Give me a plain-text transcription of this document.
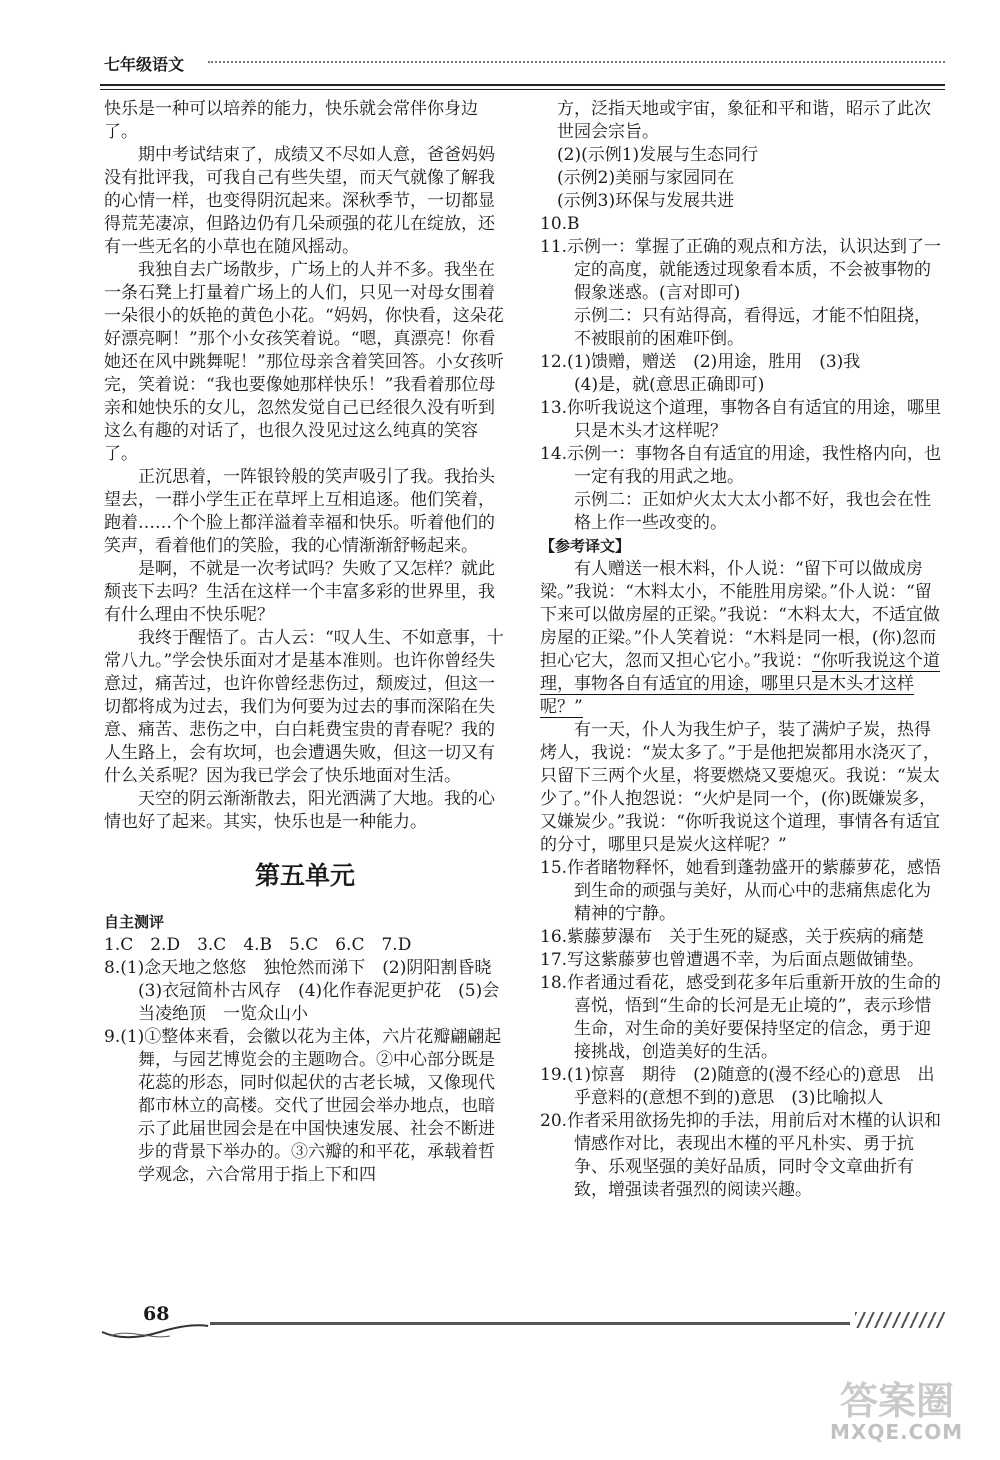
七年级语文

快乐是一种可以培养的能力，快乐就会常伴你身边了。

期中考试结束了，成绩又不尽如人意，爸爸妈妈没有批评我，可我自己有些失望，而天气就像了解我的心情一样，也变得阴沉起来。深秋季节，一切都显得荒芜凄凉，但路边仍有几朵顽强的花儿在绽放，还有一些无名的小草也在随风摇动。

我独自去广场散步，广场上的人并不多。我坐在一条石凳上打量着广场上的人们，只见一对母女围着一朵很小的妖艳的黄色小花。“妈妈，你快看，这朵花好漂亮啊！”那个小女孩笑着说。“嗯，真漂亮！你看她还在风中跳舞呢！”那位母亲含着笑回答。小女孩听完，笑着说：“我也要像她那样快乐！”我看着那位母亲和她快乐的女儿，忽然发觉自己已经很久没有听到这么有趣的对话了，也很久没见过这么纯真的笑容了。

正沉思着，一阵银铃般的笑声吸引了我。我抬头望去，一群小学生正在草坪上互相追逐。他们笑着，跑着……个个脸上都洋溢着幸福和快乐。听着他们的笑声，看着他们的笑脸，我的心情渐渐舒畅起来。

是啊，不就是一次考试吗？失败了又怎样？就此颓丧下去吗？生活在这样一个丰富多彩的世界里，我有什么理由不快乐呢？

我终于醒悟了。古人云：“叹人生、不如意事，十常八九。”学会快乐面对才是基本准则。也许你曾经失意过，痛苦过，也许你曾经悲伤过，颓废过，但这一切都将成为过去，我们为何要为过去的事而深陷在失意、痛苦、悲伤之中，白白耗费宝贵的青春呢？我的人生路上，会有坎坷，也会遭遇失败，但这一切又有什么关系呢？因为我已学会了快乐地面对生活。

天空的阴云渐渐散去，阳光洒满了大地。我的心情也好了起来。其实，快乐也是一种能力。

第五单元

自主测评

1.C　2.D　3.C　4.B　5.C　6.C　7.D

8.(1)念天地之悠悠　独怆然而涕下　(2)阴阳割昏晓　(3)衣冠简朴古风存　(4)化作春泥更护花　(5)会当凌绝顶　一览众山小

9.(1)①整体来看，会徽以花为主体，六片花瓣翩翩起舞，与园艺博览会的主题吻合。②中心部分既是花蕊的形态，同时似起伏的古老长城，又像现代都市林立的高楼。交代了世园会举办地点，也暗示了此届世园会是在中国快速发展、社会不断进步的背景下举办的。③六瓣的和平花，承载着哲学观念，六合常用于指上下和四

方，泛指天地或宇宙，象征和平和谐，昭示了此次世园会宗旨。

(2)(示例1)发展与生态同行

(示例2)美丽与家园同在

(示例3)环保与发展共进

10.B

11.示例一：掌握了正确的观点和方法，认识达到了一定的高度，就能透过现象看本质，不会被事物的假象迷惑。(言对即可)

示例二：只有站得高，看得远，才能不怕阻挠，不被眼前的困难吓倒。

12.(1)馈赠，赠送　(2)用途，胜用　(3)我

(4)是，就(意思正确即可)

13.你听我说这个道理，事物各自有适宜的用途，哪里只是木头才这样呢？

14.示例一：事物各自有适宜的用途，我性格内向，也一定有我的用武之地。

示例二：正如炉火太大太小都不好，我也会在性格上作一些改变的。

【参考译文】

有人赠送一根木料，仆人说：“留下可以做成房梁。”我说：“木料太小，不能胜用房梁。”仆人说：“留下来可以做房屋的正梁。”我说：“木料太大，不适宜做房屋的正梁。”仆人笑着说：“木料是同一根，(你)忽而担心它大，忽而又担心它小。”我说：“你听我说这个道理，事物各自有适宜的用途，哪里只是木头才这样呢？”

有一天，仆人为我生炉子，装了满炉子炭，热得烤人，我说：“炭太多了。”于是他把炭都用水浇灭了，只留下三两个火星，将要燃烧又要熄灭。我说：“炭太少了。”仆人抱怨说：“火炉是同一个，(你)既嫌炭多，又嫌炭少。”我说：“你听我说这个道理，事情各有适宜的分寸，哪里只是炭火这样呢？”

15.作者睹物释怀，她看到蓬勃盛开的紫藤萝花，感悟到生命的顽强与美好，从而心中的悲痛焦虑化为精神的宁静。

16.紫藤萝瀑布　关于生死的疑惑，关于疾病的痛楚

17.写这紫藤萝也曾遭遇不幸，为后面点题做铺垫。

18.作者通过看花，感受到花多年后重新开放的生命的喜悦，悟到“生命的长河是无止境的”，表示珍惜生命，对生命的美好要保持坚定的信念，勇于迎接挑战，创造美好的生活。

19.(1)惊喜　期待　(2)随意的(漫不经心的)意思　出乎意料的(意想不到的)意思　(3)比喻拟人

20.作者采用欲扬先抑的手法，用前后对木槿的认识和情感作对比，表现出木槿的平凡朴实、勇于抗争、乐观坚强的美好品质，同时令文章曲折有致，增强读者强烈的阅读兴趣。

68
答案圈
MXQE.COM
